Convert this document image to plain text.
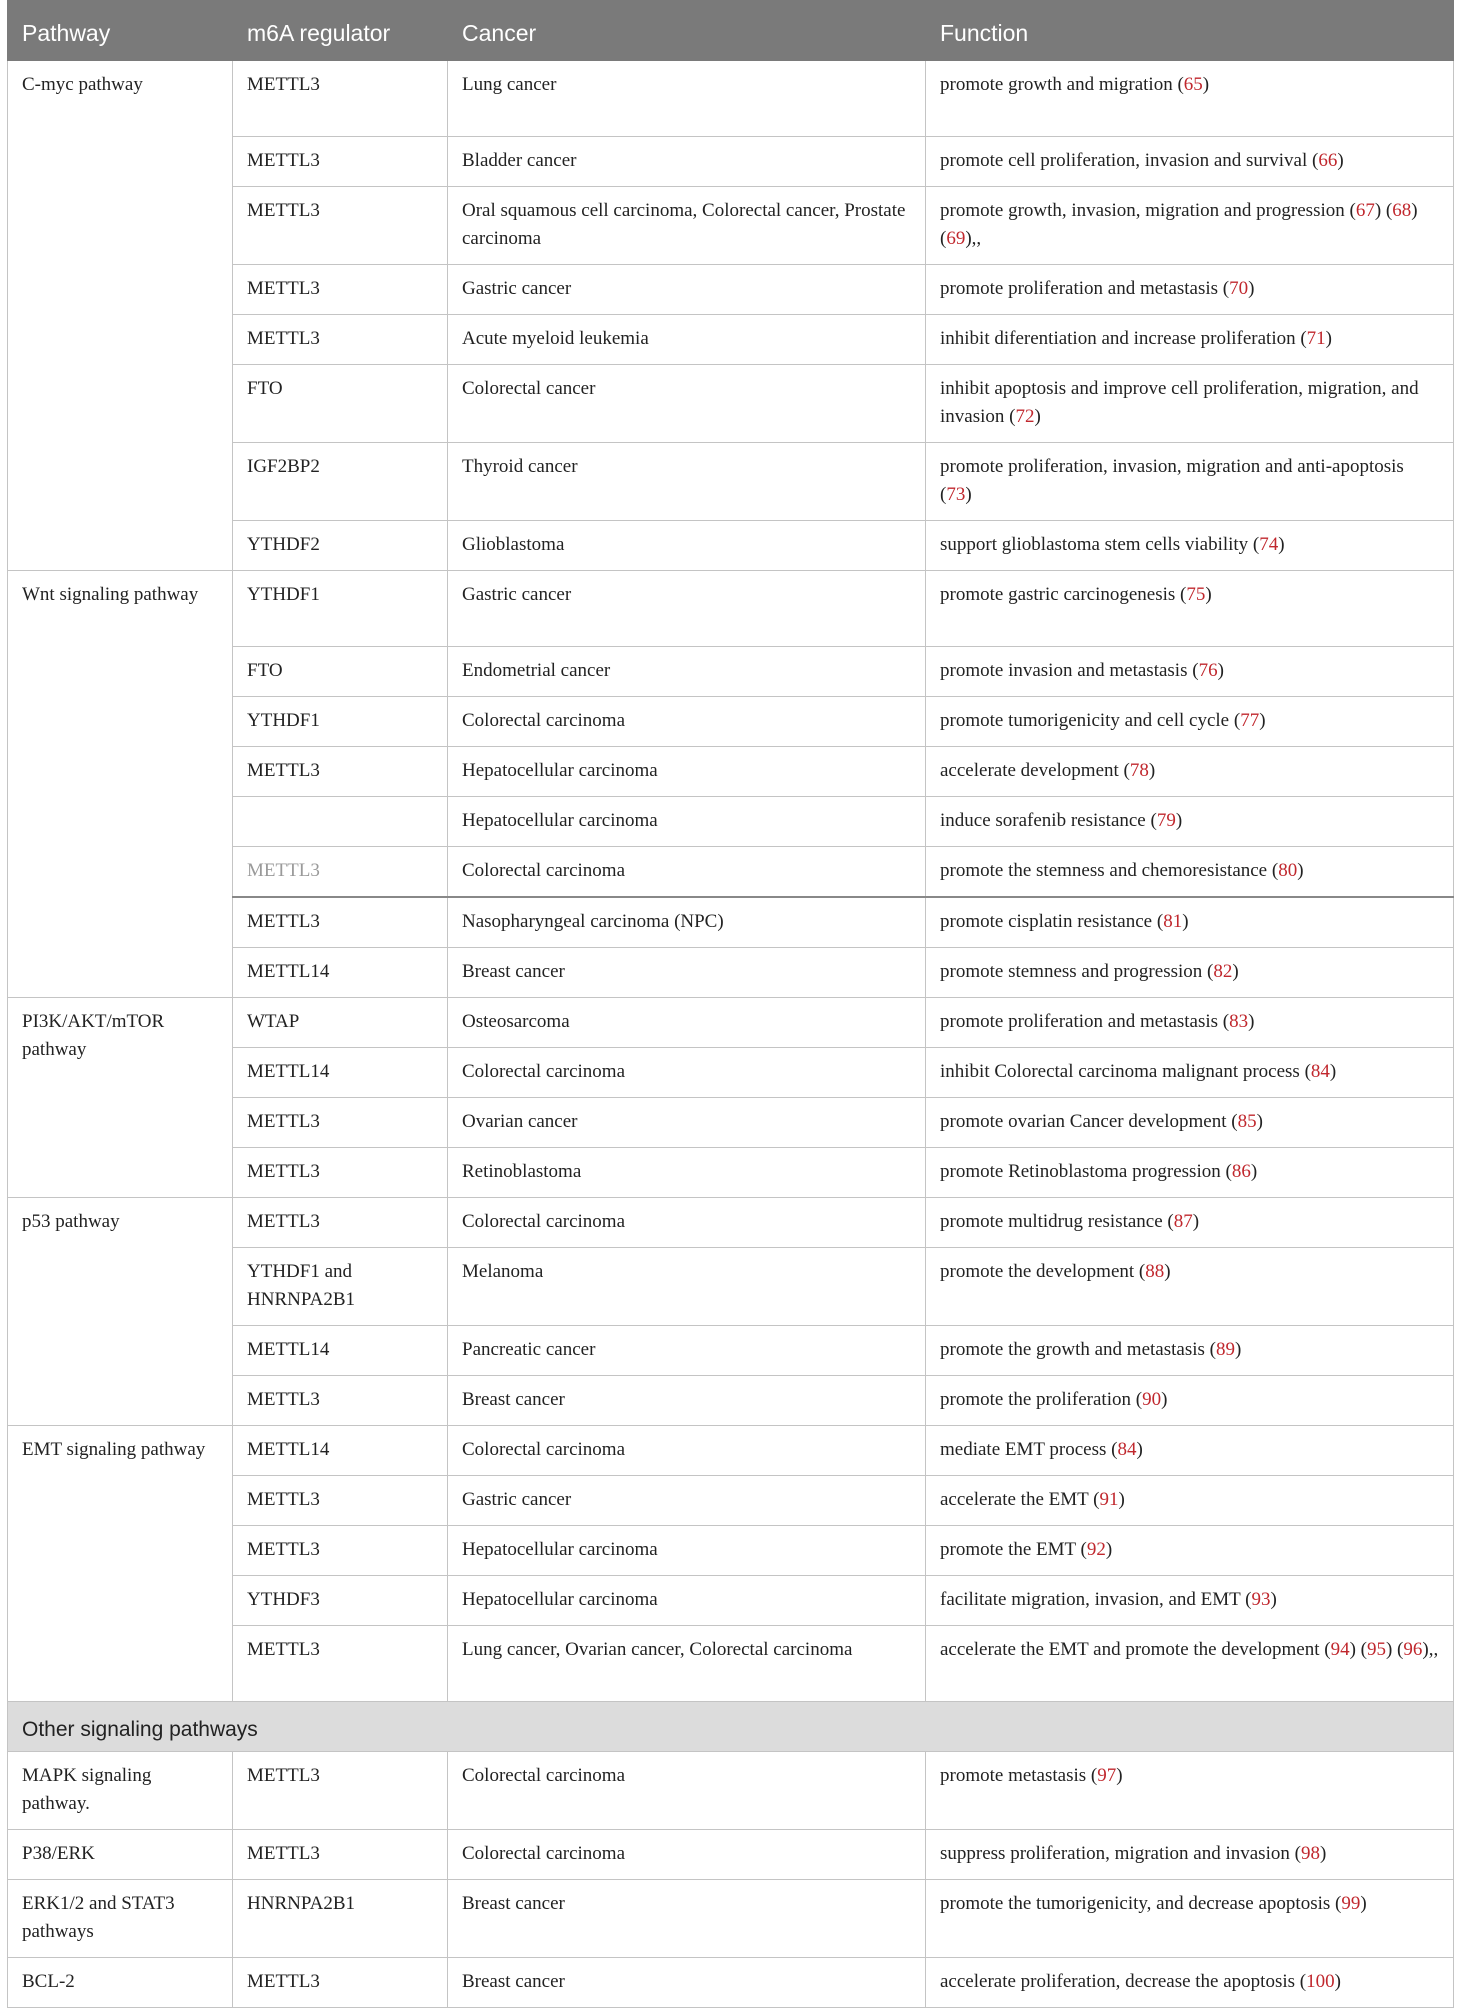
Pathway	m6A regulator	Cancer	Function
C-myc pathway	METTL3	Lung cancer	promote growth and migration (65)
	METTL3	Bladder cancer	promote cell proliferation, invasion and survival (66)
	METTL3	Oral squamous cell carcinoma, Colorectal cancer, Prostate carcinoma	promote growth, invasion, migration and progression (67) (68) (69),,
	METTL3	Gastric cancer	promote proliferation and metastasis (70)
	METTL3	Acute myeloid leukemia	inhibit diferentiation and increase proliferation (71)
	FTO	Colorectal cancer	inhibit apoptosis and improve cell proliferation, migration, and invasion (72)
	IGF2BP2	Thyroid cancer	promote proliferation, invasion, migration and anti-apoptosis (73)
	YTHDF2	Glioblastoma	support glioblastoma stem cells viability (74)
Wnt signaling pathway	YTHDF1	Gastric cancer	promote gastric carcinogenesis (75)
	FTO	Endometrial cancer	promote invasion and metastasis (76)
	YTHDF1	Colorectal carcinoma	promote tumorigenicity and cell cycle (77)
	METTL3	Hepatocellular carcinoma	accelerate development (78)
		Hepatocellular carcinoma	induce sorafenib resistance (79)
	METTL3	Colorectal carcinoma	promote the stemness and chemoresistance (80)
	METTL3	Nasopharyngeal carcinoma (NPC)	promote cisplatin resistance (81)
	METTL14	Breast cancer	promote stemness and progression (82)
PI3K/AKT/mTOR pathway	WTAP	Osteosarcoma	promote proliferation and metastasis (83)
	METTL14	Colorectal carcinoma	inhibit Colorectal carcinoma malignant process (84)
	METTL3	Ovarian cancer	promote ovarian Cancer development (85)
	METTL3	Retinoblastoma	promote Retinoblastoma progression (86)
p53 pathway	METTL3	Colorectal carcinoma	promote multidrug resistance (87)
	YTHDF1 and HNRNPA2B1	Melanoma	promote the development (88)
	METTL14	Pancreatic cancer	promote the growth and metastasis (89)
	METTL3	Breast cancer	promote the proliferation (90)
EMT signaling pathway	METTL14	Colorectal carcinoma	mediate EMT process (84)
	METTL3	Gastric cancer	accelerate the EMT (91)
	METTL3	Hepatocellular carcinoma	promote the EMT (92)
	YTHDF3	Hepatocellular carcinoma	facilitate migration, invasion, and EMT (93)
	METTL3	Lung cancer, Ovarian cancer, Colorectal carcinoma	accelerate the EMT and promote the development (94) (95) (96),,
Other signaling pathways			
MAPK signaling pathway.	METTL3	Colorectal carcinoma	promote metastasis (97)
P38/ERK	METTL3	Colorectal carcinoma	suppress proliferation, migration and invasion (98)
ERK1/2 and STAT3 pathways	HNRNPA2B1	Breast cancer	promote the tumorigenicity, and decrease apoptosis (99)
BCL-2	METTL3	Breast cancer	accelerate proliferation, decrease the apoptosis (100)
